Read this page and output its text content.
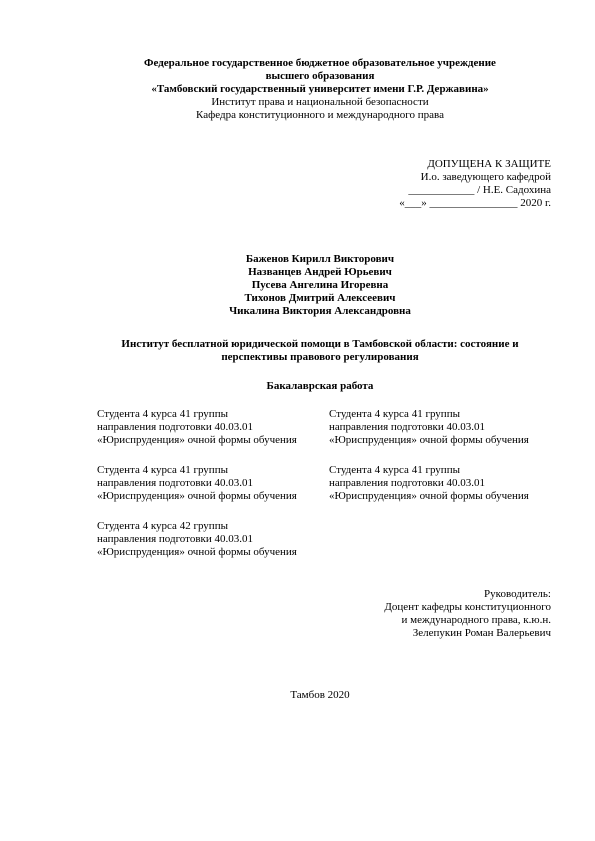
Федеральное государственное бюджетное образовательное учреждение
высшего образования
«Тамбовский государственный университет имени Г.Р. Державина»
Институт права и национальной безопасности
Кафедра конституционного и международного права
ДОПУЩЕНА К ЗАЩИТЕ
И.о. заведующего кафедрой
____________ / Н.Е. Садохина
«___» ________________ 2020 г.
Баженов Кирилл Викторович
Названцев Андрей Юрьевич
Пусева Ангелина Игоревна
Тихонов Дмитрий Алексеевич
Чикалина Виктория Александровна
Институт бесплатной юридической помощи в Тамбовской области: состояние и
перспективы правового регулирования
Бакалаврская работа
Студента 4 курса 41 группы
направления подготовки 40.03.01
«Юриспруденция» очной формы обучения
Студента 4 курса 41 группы
направления подготовки 40.03.01
«Юриспруденция» очной формы обучения
Студента 4 курса 41 группы
направления подготовки 40.03.01
«Юриспруденция» очной формы обучения
Студента 4 курса 41 группы
направления подготовки 40.03.01
«Юриспруденция» очной формы обучения
Студента 4 курса 42 группы
направления подготовки 40.03.01
«Юриспруденция» очной формы обучения
Руководитель:
Доцент кафедры конституционного
и международного права, к.ю.н.
Зелепукин Роман Валерьевич
Тамбов 2020
